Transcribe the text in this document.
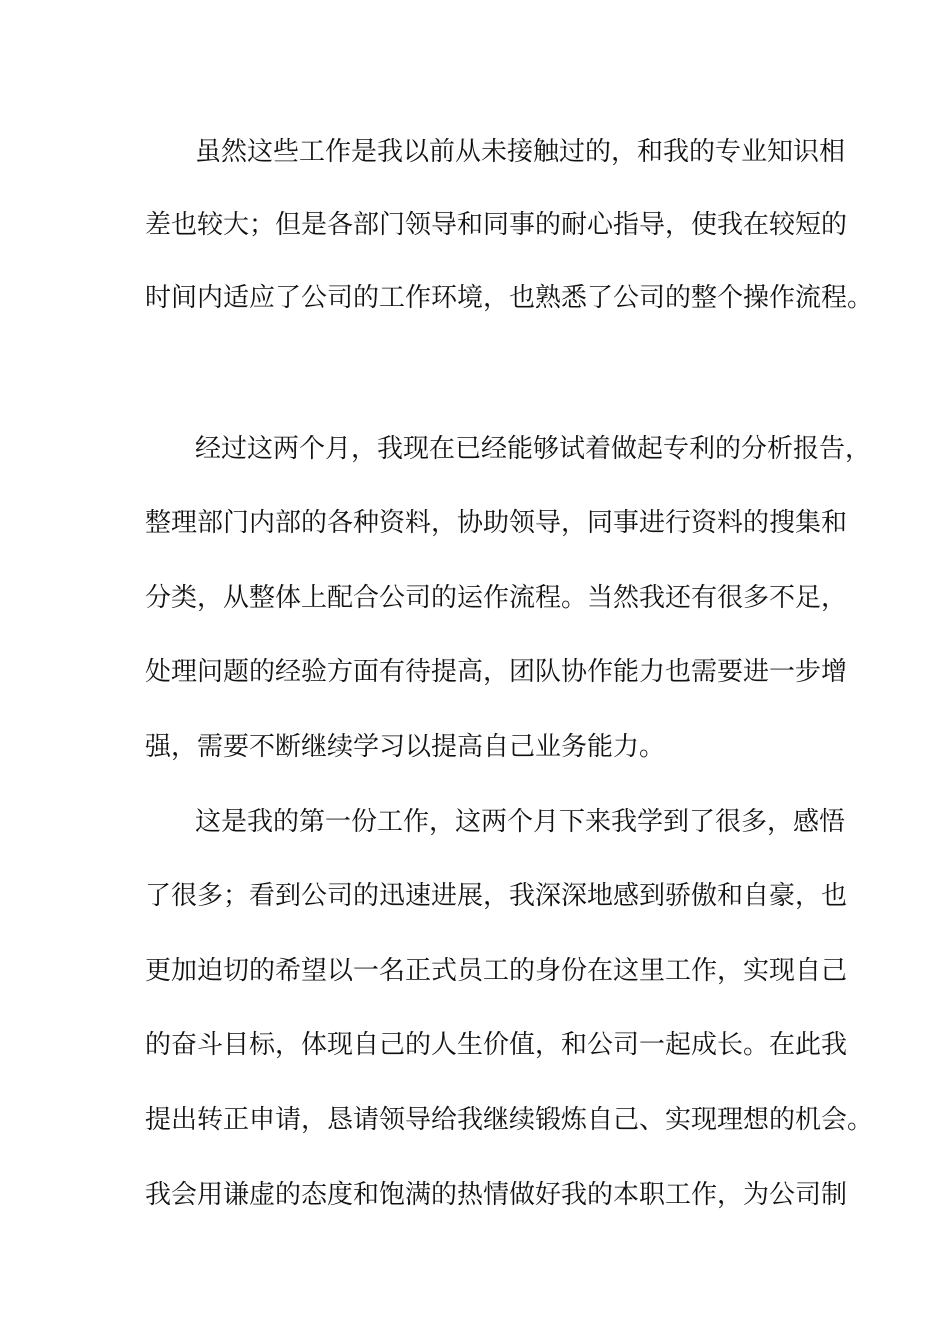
虽然这些工作是我以前从未接触过的，和我的专业知识相
差也较大；但是各部门领导和同事的耐心指导，使我在较短的
时间内适应了公司的工作环境，也熟悉了公司的整个操作流程。
经过这两个月，我现在已经能够试着做起专利的分析报告，
整理部门内部的各种资料，协助领导，同事进行资料的搜集和
分类，从整体上配合公司的运作流程。当然我还有很多不足，
处理问题的经验方面有待提高，团队协作能力也需要进一步增
强，需要不断继续学习以提高自己业务能力。
这是我的第一份工作，这两个月下来我学到了很多，感悟
了很多；看到公司的迅速进展，我深深地感到骄傲和自豪，也
更加迫切的希望以一名正式员工的身份在这里工作，实现自己
的奋斗目标，体现自己的人生价值，和公司一起成长。在此我
提出转正申请，恳请领导给我继续锻炼自己、实现理想的机会。
我会用谦虚的态度和饱满的热情做好我的本职工作，为公司制
